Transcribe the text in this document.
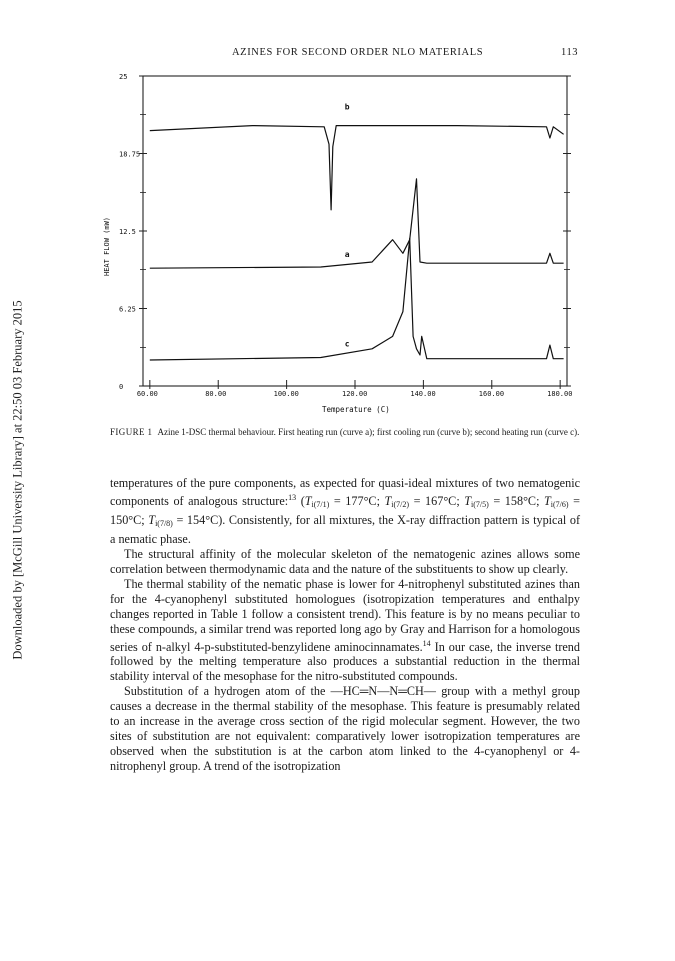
AZINES FOR SECOND ORDER NLO MATERIALS	113
Downloaded by [McGill University Library] at 22:50 03 February 2015
25
18.75
12.5
6.25
0
60.00	80.00	100.00	120.00	140.00	160.00	180.00
Temperature (C)
HEAT FLOW (mW)
b
a
c
FIGURE 1 Azine 1-DSC thermal behaviour. First heating run (curve a); first cooling run (curve b); second heating run (curve c).

temperatures of the pure components, as expected for quasi-ideal mixtures of two nematogenic components of analogous structure:$^{13}$ ($T_{i(7/1)} = 177^\circ C$; $T_{i(7/2)} = 167^\circ C$; $T_{i(7/5)} = 158^\circ C$; $T_{i(7/6)} = 150^\circ C$; $T_{i(7/8)} = 154^\circ C$). Consistently, for all mixtures, the X-ray diffraction pattern is typical of a nematic phase.

The structural affinity of the molecular skeleton of the nematogenic azines allows some correlation between thermodynamic data and the nature of the substituents to show up clearly.

The thermal stability of the nematic phase is lower for 4-nitrophenyl substituted azines than for the 4-cyanophenyl substituted homologues (isotropization temperatures and enthalpy changes reported in Table 1 follow a consistent trend). This feature is by no means peculiar to these compounds, a similar trend was reported long ago by Gray and Harrison for a homologous series of n-alkyl 4-p-substituted-benzylidene aminocinnamates.$^{14}$ In our case, the inverse trend followed by the melting temperature also produces a substantial reduction in the thermal stability interval of the mesophase for the nitro-substituted compounds.

Substitution of a hydrogen atom of the —HC═N—N═CH— group with a methyl group causes a decrease in the thermal stability of the mesophase. This feature is presumably related to an increase in the average cross section of the rigid molecular segment. However, the two sites of substitution are not equivalent: comparatively lower isotropization temperatures are observed when the substitution is at the carbon atom linked to the 4-cyanophenyl or 4-nitrophenyl group. A trend of the isotropization
